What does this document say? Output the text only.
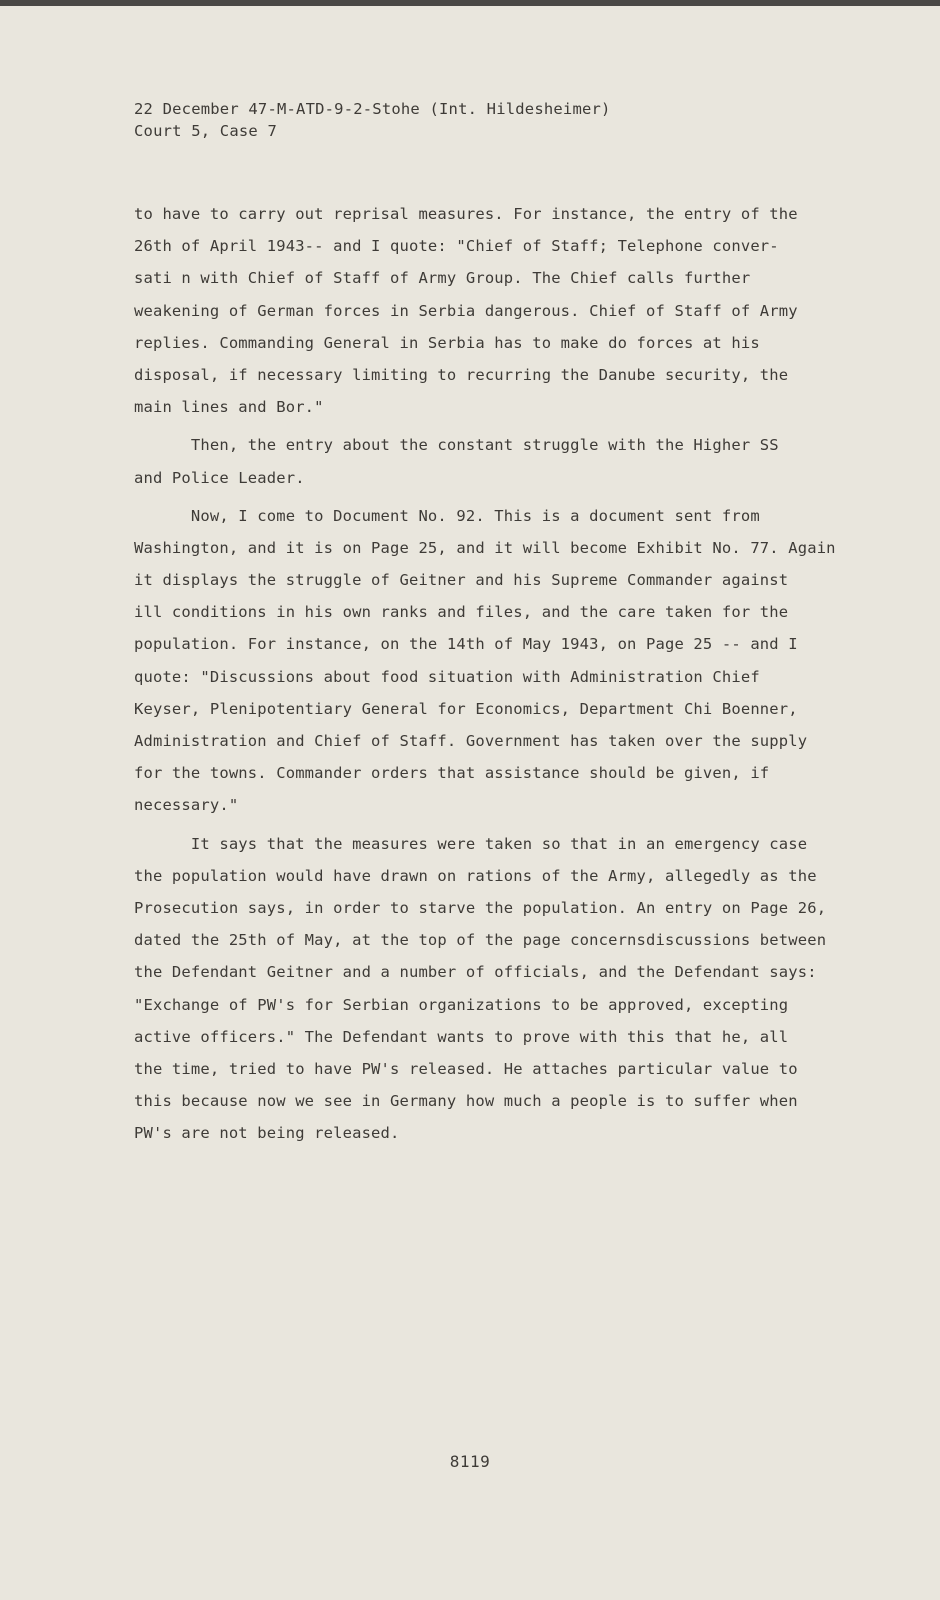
22 December 47-M-ATD-9-2-Stohe (Int. Hildesheimer)
Court 5, Case 7
to have to carry out reprisal measures. For instance, the entry of the
26th of April 1943-- and I quote: "Chief of Staff; Telephone conver-
sati n with Chief of Staff of Army Group. The Chief calls further
weakening of German forces in Serbia dangerous. Chief of Staff of Army
replies. Commanding General in Serbia has to make do forces at his
disposal, if necessary limiting to recurring the Danube security, the
main lines and Bor."
Then, the entry about the constant struggle with the Higher SS
and Police Leader.
Now, I come to Document No. 92. This is a document sent from
Washington, and it is on Page 25, and it will become Exhibit No. 77. Again
it displays the struggle of Geitner and his Supreme Commander against
ill conditions in his own ranks and files, and the care taken for the
population. For instance, on the 14th of May 1943, on Page 25 -- and I
quote: "Discussions about food situation with Administration Chief
Keyser, Plenipotentiary General for Economics, Department Chi Boenner,
Administration and Chief of Staff. Government has taken over the supply
for the towns. Commander orders that assistance should be given, if
necessary."
It says that the measures were taken so that in an emergency case
the population would have drawn on rations of the Army, allegedly as the
Prosecution says, in order to starve the population. An entry on Page 26,
dated the 25th of May, at the top of the page concernsdiscussions between
the Defendant Geitner and a number of officials, and the Defendant says:
"Exchange of PW's for Serbian organizations to be approved, excepting
active officers." The Defendant wants to prove with this that he, all
the time, tried to have PW's released. He attaches particular value to
this because now we see in Germany how much a people is to suffer when
PW's are not being released.
8119
